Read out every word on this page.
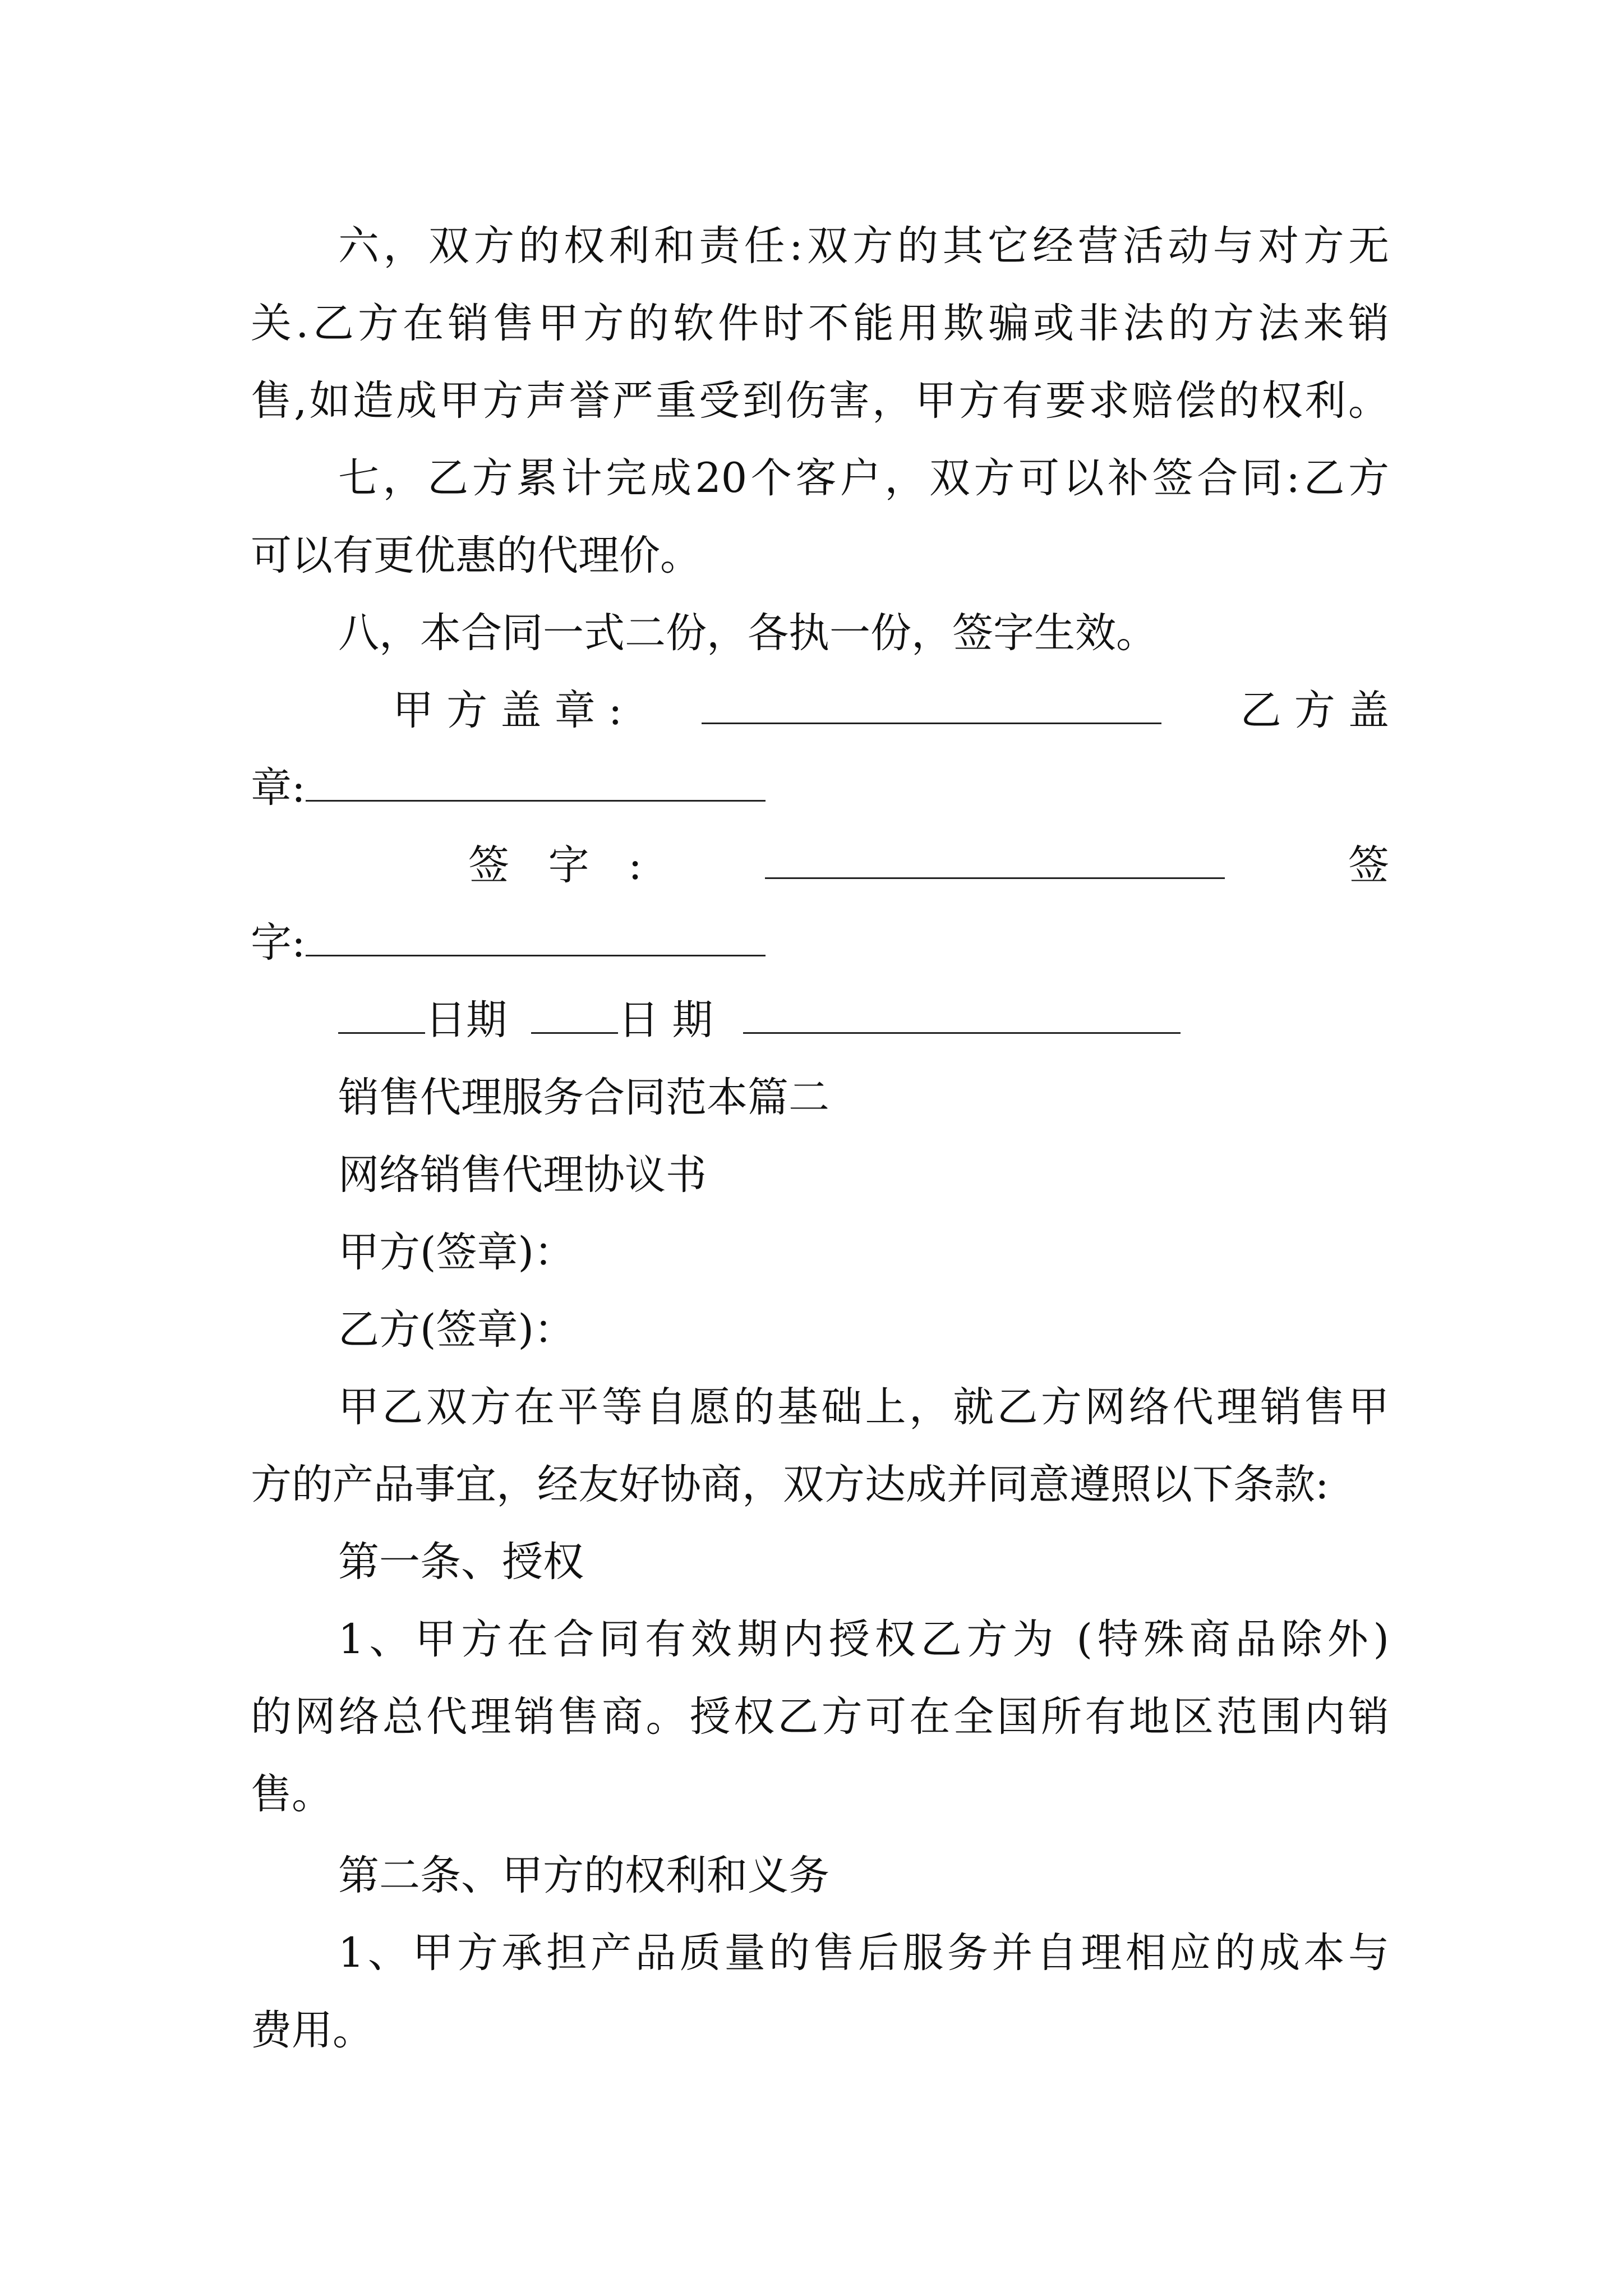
六，双方的权利和责任:双方的其它经营活动与对方无
关.乙方在销售甲方的软件时不能用欺骗或非法的方法来销
售,如造成甲方声誉严重受到伤害，甲方有要求赔偿的权利。
七，乙方累计完成20个客户，双方可以补签合同:乙方
可以有更优惠的代理价。
八，本合同一式二份，各执一份，签字生效。
甲 方 盖 章 :	乙 方 盖
章:
签   字   :	签
字:
日期	日 期
销售代理服务合同范本篇二
网络销售代理协议书
甲方(签章)：
乙方(签章)：
甲乙双方在平等自愿的基础上，就乙方网络代理销售甲
方的产品事宜，经友好协商，双方达成并同意遵照以下条款:
第一条、授权
1、甲方在合同有效期内授权乙方为 (特殊商品除外)
的网络总代理销售商。授权乙方可在全国所有地区范围内销
售。
第二条、甲方的权利和义务
1、甲方承担产品质量的售后服务并自理相应的成本与
费用。
